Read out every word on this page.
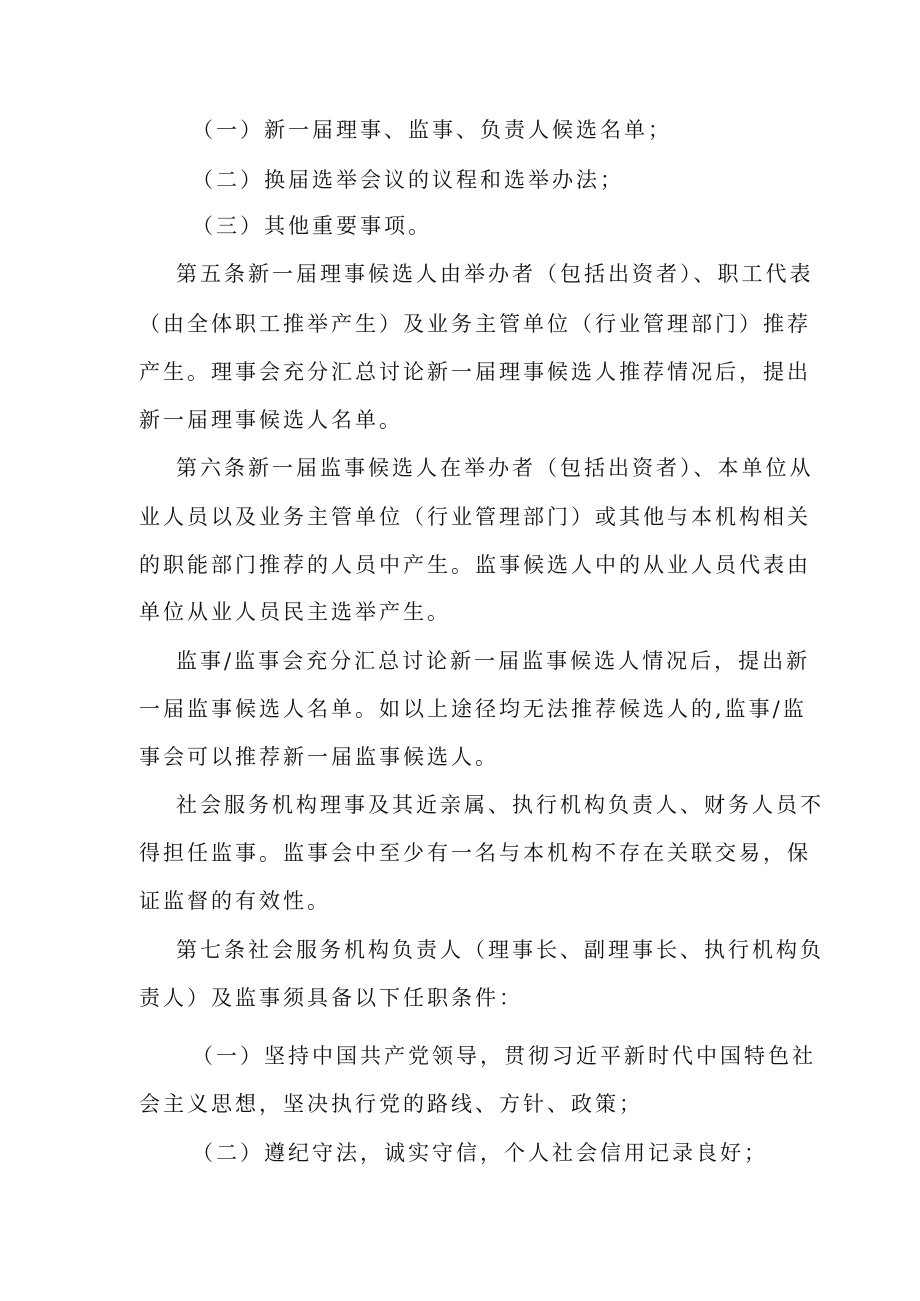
（一）新一届理事、监事、负责人候选名单；
（二）换届选举会议的议程和选举办法；
（三）其他重要事项。
第五条新一届理事候选人由举办者（包括出资者）、职工代表
（由全体职工推举产生）及业务主管单位（行业管理部门）推荐
产生。理事会充分汇总讨论新一届理事候选人推荐情况后，提出
新一届理事候选人名单。
第六条新一届监事候选人在举办者（包括出资者）、本单位从
业人员以及业务主管单位（行业管理部门）或其他与本机构相关
的职能部门推荐的人员中产生。监事候选人中的从业人员代表由
单位从业人员民主选举产生。
监事/监事会充分汇总讨论新一届监事候选人情况后，提出新
一届监事候选人名单。如以上途径均无法推荐候选人的,监事/监
事会可以推荐新一届监事候选人。
社会服务机构理事及其近亲属、执行机构负责人、财务人员不
得担任监事。监事会中至少有一名与本机构不存在关联交易，保
证监督的有效性。
第七条社会服务机构负责人（理事长、副理事长、执行机构负
责人）及监事须具备以下任职条件：
（一）坚持中国共产党领导，贯彻习近平新时代中国特色社
会主义思想，坚决执行党的路线、方针、政策；
（二）遵纪守法，诚实守信，个人社会信用记录良好；
